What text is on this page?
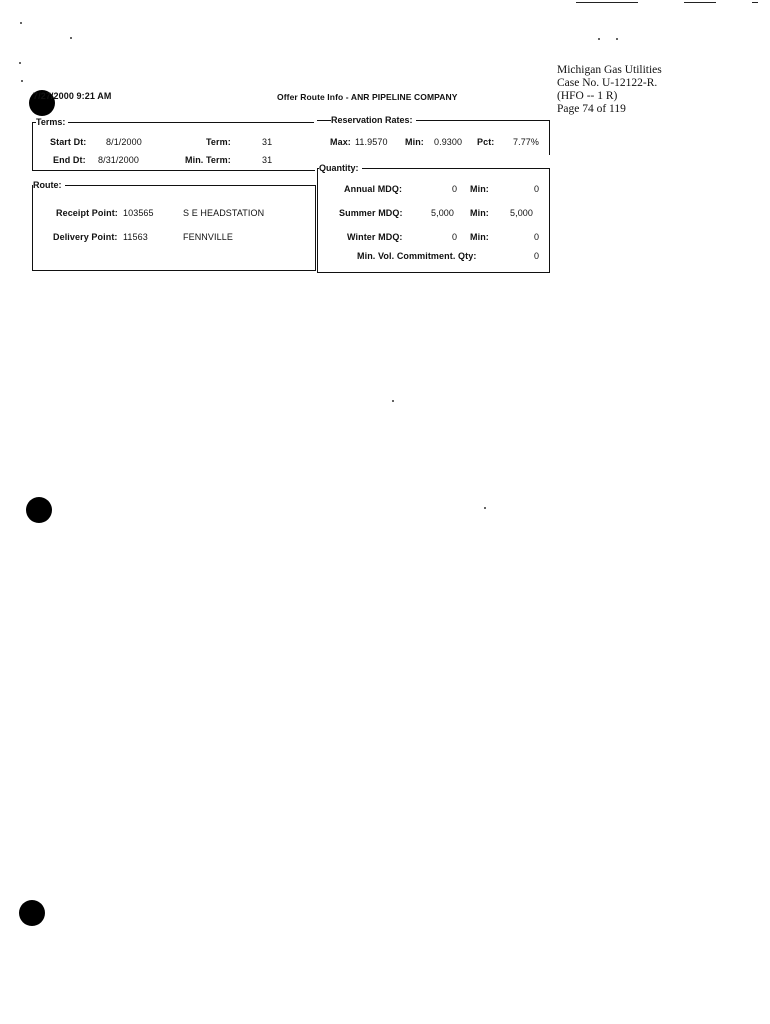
Michigan Gas Utilities
Case No. U-12122-R.
(HFO -- 1 R)
Page 74 of 119
7/27/2000 9:21 AM	Offer Route Info - ANR PIPELINE COMPANY
Terms:
Start Dt: 8/1/2000	Term:	31
End Dt: 8/31/2000	Min. Term:	31
Route:
Receipt Point: 103565	S E HEADSTATION
Delivery Point: 11563	FENNVILLE
Reservation Rates:
Max: 11.9570 Min: 0.9300 Pct: 7.77%
Quantity:
Annual MDQ:	0 Min:	0
Summer MDQ:	5,000 Min: 5,000
Winter MDQ:	0 Min:	0
Min. Vol. Commitment. Qty:	0
